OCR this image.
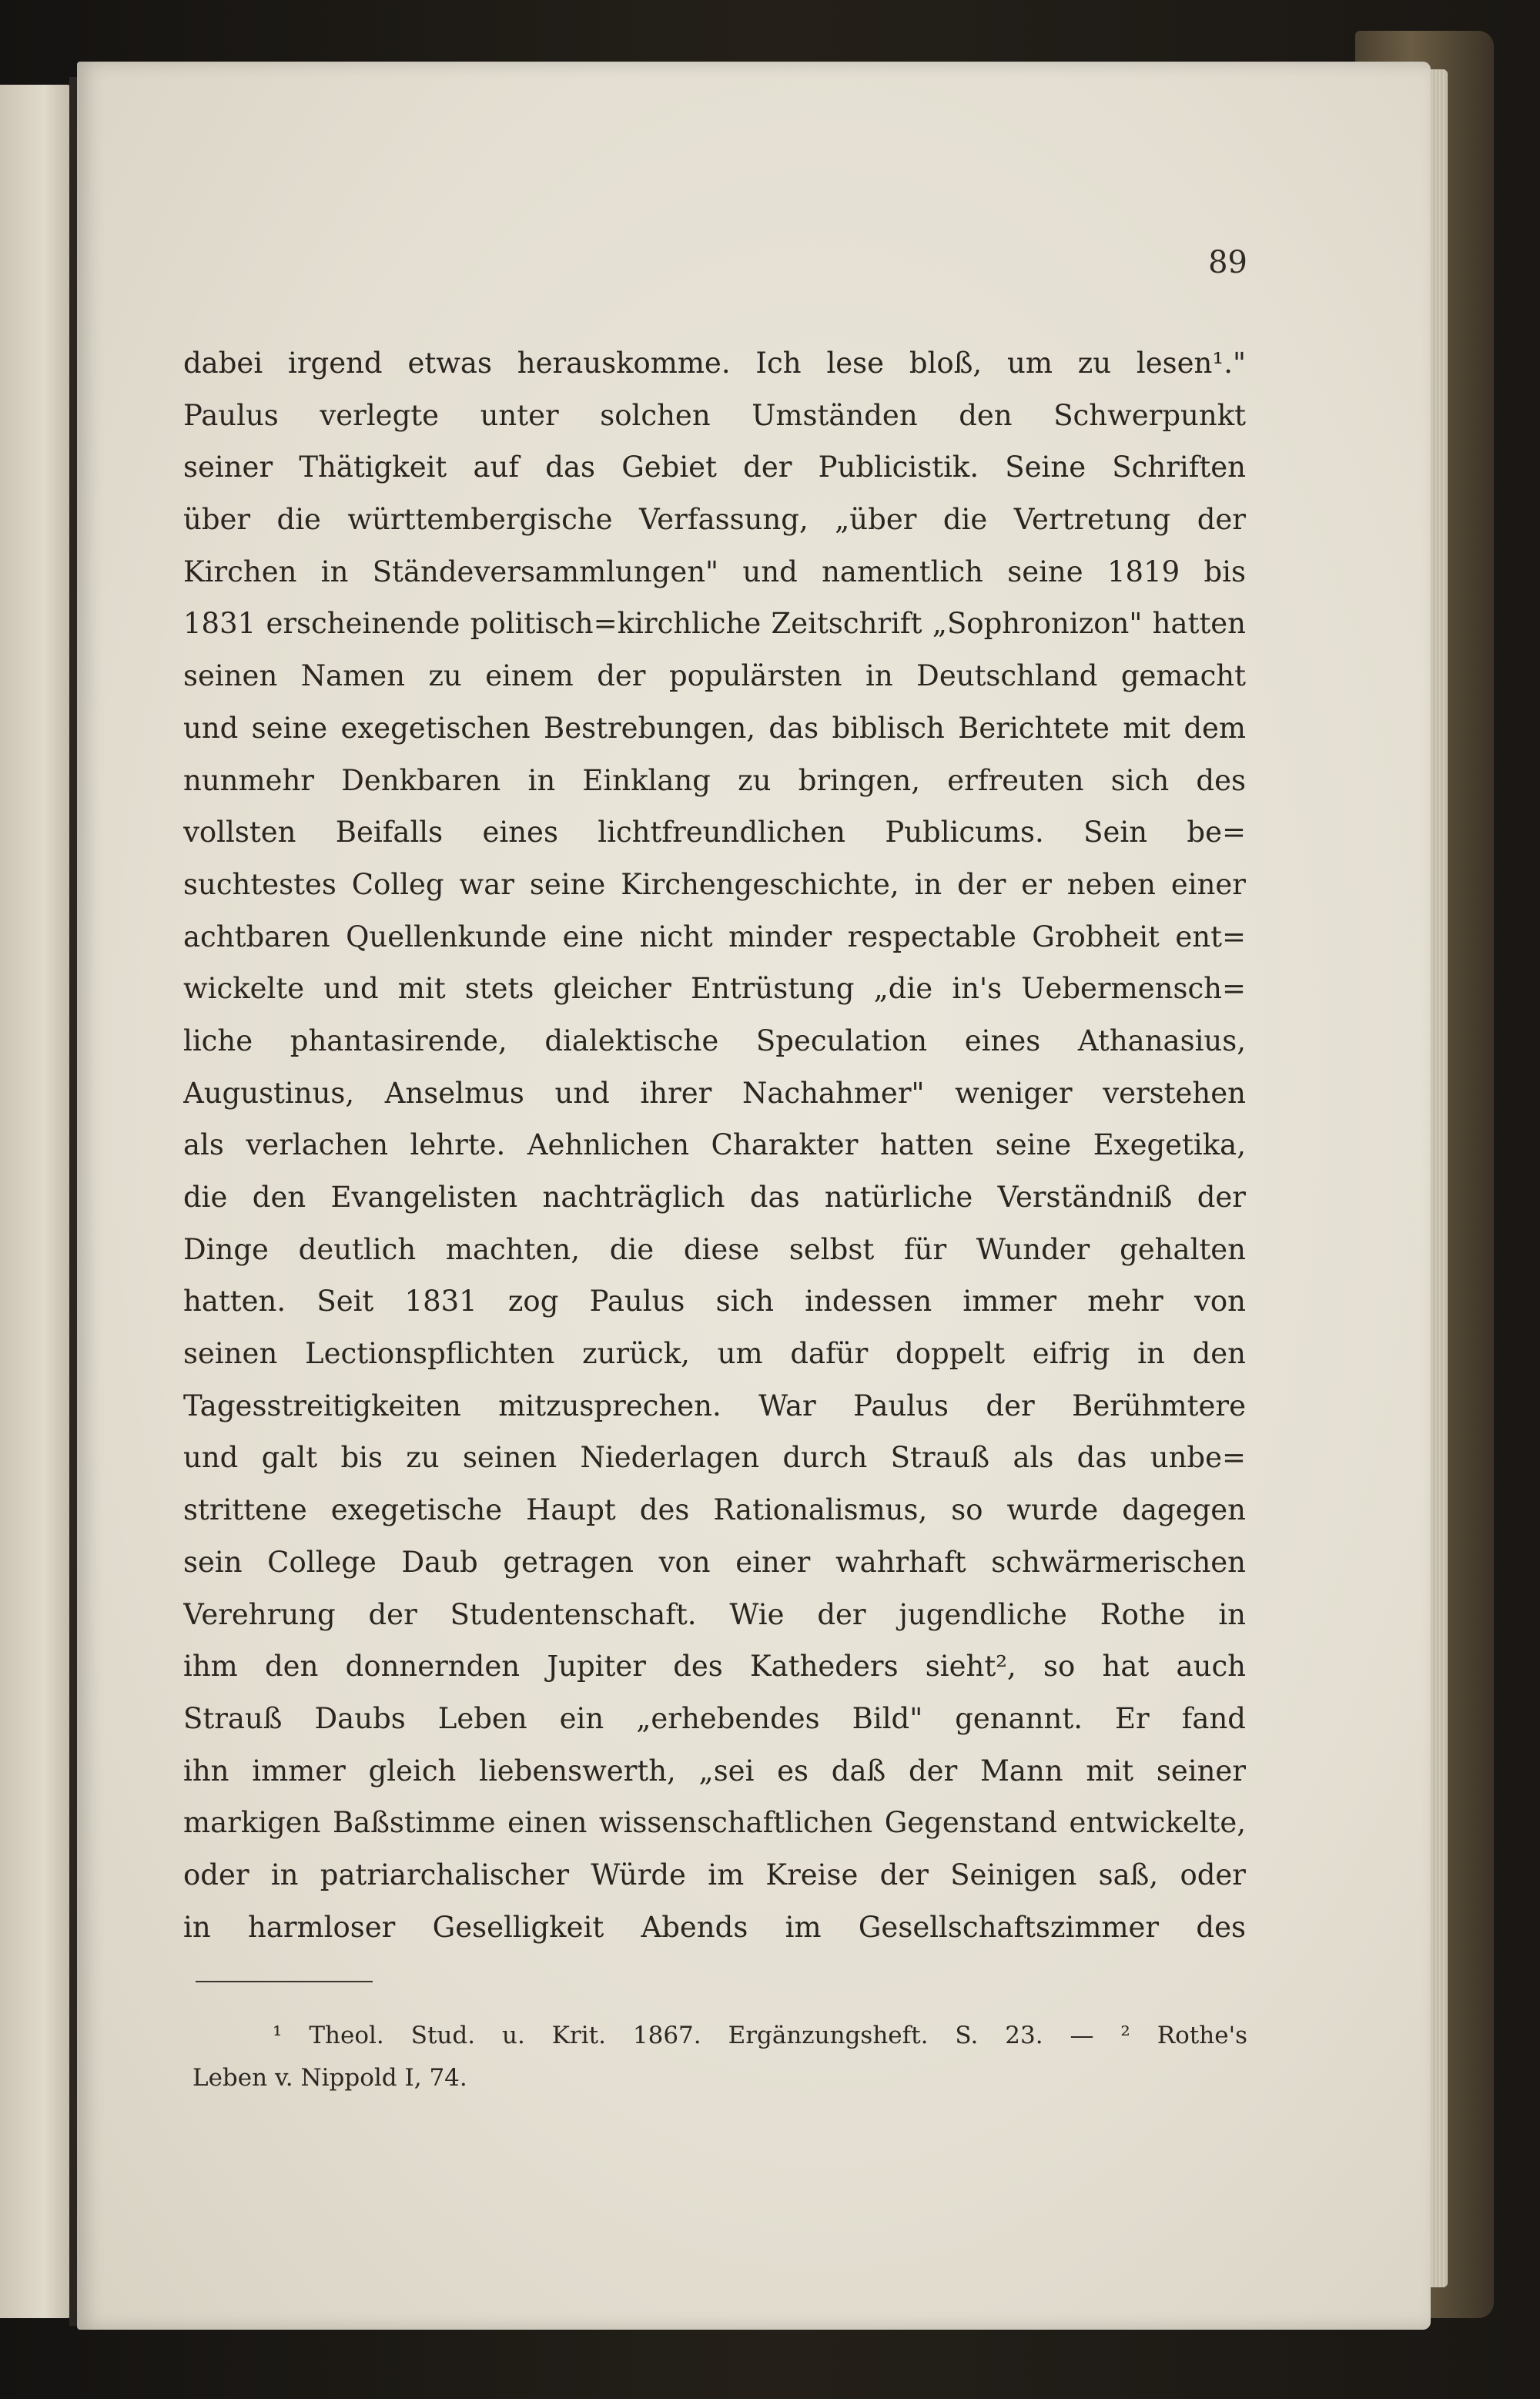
89
dabei irgend etwas herauskomme. Ich lese bloß, um zu lesen¹."
Paulus verlegte unter solchen Umständen den Schwerpunkt
seiner Thätigkeit auf das Gebiet der Publicistik. Seine Schriften
über die württembergische Verfassung, „über die Vertretung der
Kirchen in Ständeversammlungen" und namentlich seine 1819 bis
1831 erscheinende politisch=kirchliche Zeitschrift „Sophronizon" hatten
seinen Namen zu einem der populärsten in Deutschland gemacht
und seine exegetischen Bestrebungen, das biblisch Berichtete mit dem
nunmehr Denkbaren in Einklang zu bringen, erfreuten sich des
vollsten Beifalls eines lichtfreundlichen Publicums. Sein be=
suchtestes Colleg war seine Kirchengeschichte, in der er neben einer
achtbaren Quellenkunde eine nicht minder respectable Grobheit ent=
wickelte und mit stets gleicher Entrüstung „die in's Uebermensch=
liche phantasirende, dialektische Speculation eines Athanasius,
Augustinus, Anselmus und ihrer Nachahmer" weniger verstehen
als verlachen lehrte. Aehnlichen Charakter hatten seine Exegetika,
die den Evangelisten nachträglich das natürliche Verständniß der
Dinge deutlich machten, die diese selbst für Wunder gehalten
hatten. Seit 1831 zog Paulus sich indessen immer mehr von
seinen Lectionspflichten zurück, um dafür doppelt eifrig in den
Tagesstreitigkeiten mitzusprechen. War Paulus der Berühmtere
und galt bis zu seinen Niederlagen durch Strauß als das unbe=
strittene exegetische Haupt des Rationalismus, so wurde dagegen
sein College Daub getragen von einer wahrhaft schwärmerischen
Verehrung der Studentenschaft. Wie der jugendliche Rothe in
ihm den donnernden Jupiter des Katheders sieht², so hat auch
Strauß Daubs Leben ein „erhebendes Bild" genannt. Er fand
ihn immer gleich liebenswerth, „sei es daß der Mann mit seiner
markigen Baßstimme einen wissenschaftlichen Gegenstand entwickelte,
oder in patriarchalischer Würde im Kreise der Seinigen saß, oder
in harmloser Geselligkeit Abends im Gesellschaftszimmer des
¹ Theol. Stud. u. Krit. 1867. Ergänzungsheft. S. 23. — ² Rothe's
Leben v. Nippold I, 74.
